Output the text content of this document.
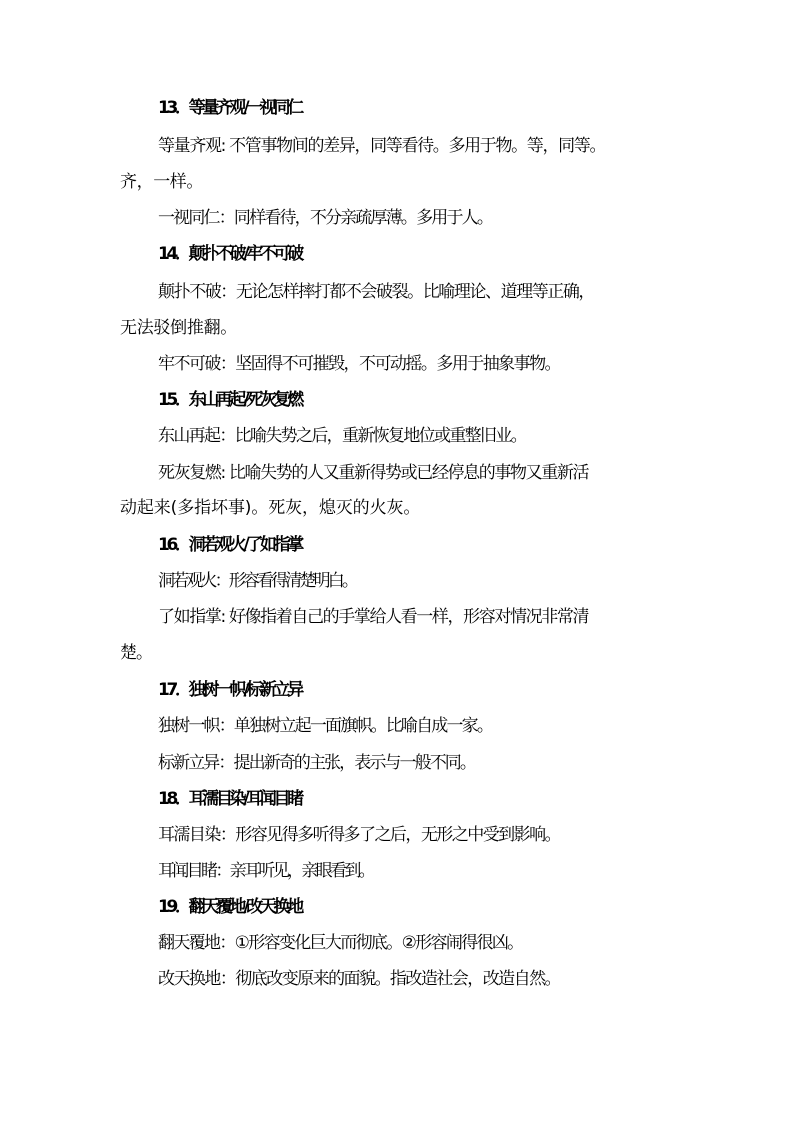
13．等量齐观/一视同仁
等量齐观: 不管事物间的差异，同等看待。多用于物。等，同等。
齐，一样。
一视同仁：同样看待，不分亲疏厚薄。多用于人。
14．颠扑不破/牢不可破
颠扑不破：无论怎样摔打都不会破裂。比喻理论、道理等正确，
无法驳倒推翻。
牢不可破：坚固得不可摧毁，不可动摇。多用于抽象事物。
15．东山再起/死灰复燃
东山再起：比喻失势之后，重新恢复地位或重整旧业。
死灰复燃: 比喻失势的人又重新得势或已经停息的事物又重新活
动起来(多指坏事)。死灰，熄灭的火灰。
16．洞若观火/了如指掌
洞若观火：形容看得清楚明白。
了如指掌: 好像指着自己的手掌给人看一样，形容对情况非常清
楚。
17．独树一帜/标新立异
独树一帜：单独树立起一面旗帜。比喻自成一家。
标新立异：提出新奇的主张，表示与一般不同。
18．耳濡目染/耳闻目睹
耳濡目染：形容见得多听得多了之后，无形之中受到影响。
耳闻目睹：亲耳听见，亲眼看到。
19．翻天覆地/改天换地
翻天覆地：①形容变化巨大而彻底。②形容闹得很凶。
改天换地：彻底改变原来的面貌。指改造社会，改造自然。
